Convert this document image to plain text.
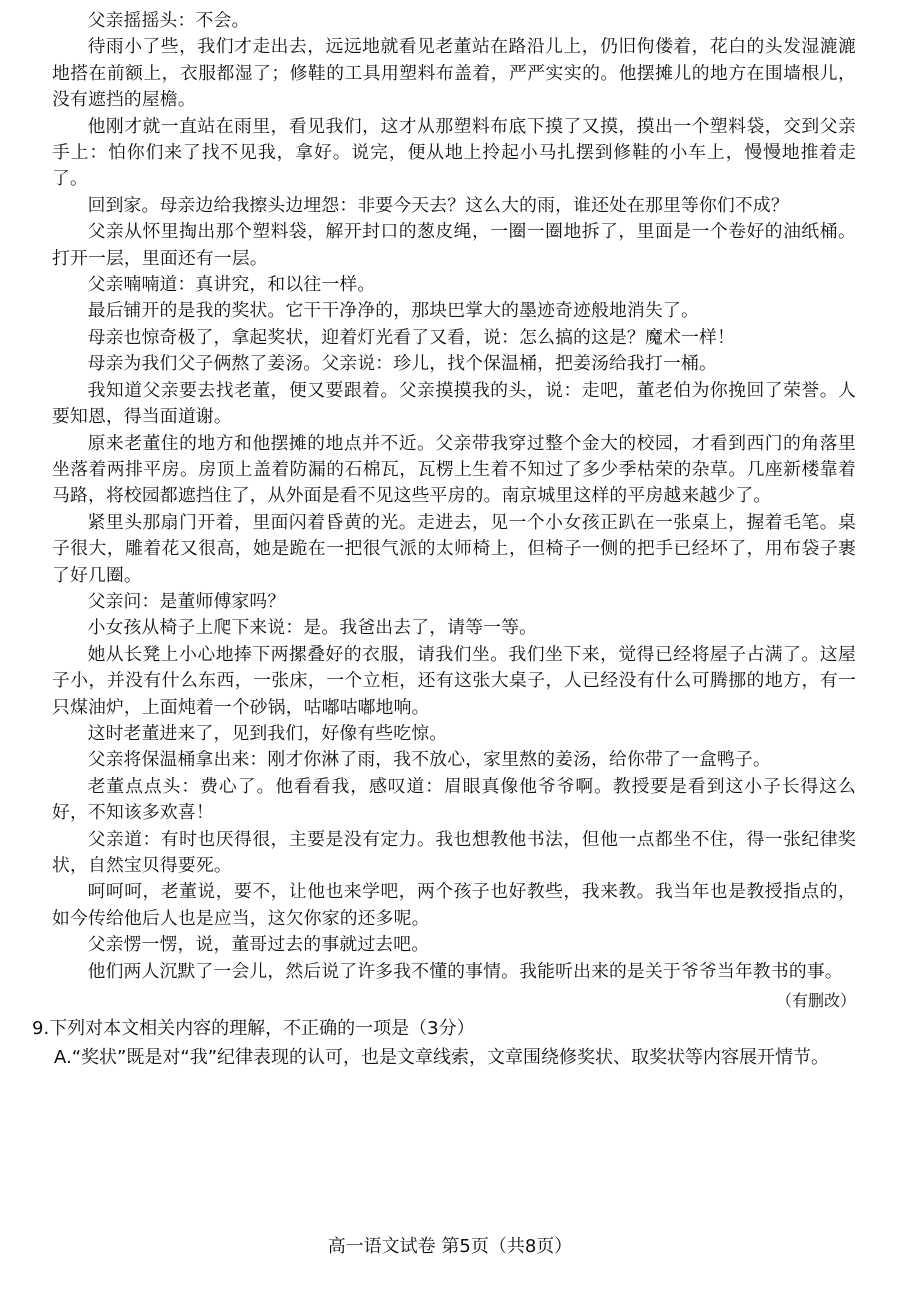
父亲摇摇头：不会。

待雨小了些，我们才走出去，远远地就看见老董站在路沿儿上，仍旧佝偻着，花白的头发湿漉漉地搭在前额上，衣服都湿了；修鞋的工具用塑料布盖着，严严实实的。他摆摊儿的地方在围墙根儿，没有遮挡的屋檐。

他刚才就一直站在雨里，看见我们，这才从那塑料布底下摸了又摸，摸出一个塑料袋，交到父亲手上：怕你们来了找不见我，拿好。说完，便从地上拎起小马扎摆到修鞋的小车上，慢慢地推着走了。

回到家。母亲边给我擦头边埋怨：非要今天去？这么大的雨，谁还处在那里等你们不成？

父亲从怀里掏出那个塑料袋，解开封口的葱皮绳，一圈一圈地拆了，里面是一个卷好的油纸桶。打开一层，里面还有一层。

父亲喃喃道：真讲究，和以往一样。

最后铺开的是我的奖状。它干干净净的，那块巴掌大的墨迹奇迹般地消失了。

母亲也惊奇极了，拿起奖状，迎着灯光看了又看，说：怎么搞的这是？魔术一样！

母亲为我们父子俩熬了姜汤。父亲说：珍儿，找个保温桶，把姜汤给我打一桶。

我知道父亲要去找老董，便又要跟着。父亲摸摸我的头，说：走吧，董老伯为你挽回了荣誉。人要知恩，得当面道谢。

原来老董住的地方和他摆摊的地点并不近。父亲带我穿过整个金大的校园，才看到西门的角落里坐落着两排平房。房顶上盖着防漏的石棉瓦，瓦楞上生着不知过了多少季枯荣的杂草。几座新楼靠着马路，将校园都遮挡住了，从外面是看不见这些平房的。南京城里这样的平房越来越少了。

紧里头那扇门开着，里面闪着昏黄的光。走进去，见一个小女孩正趴在一张桌上，握着毛笔。桌子很大，雕着花又很高，她是跪在一把很气派的太师椅上，但椅子一侧的把手已经坏了，用布袋子裹了好几圈。

父亲问：是董师傅家吗？

小女孩从椅子上爬下来说：是。我爸出去了，请等一等。

她从长凳上小心地捧下两摞叠好的衣服，请我们坐。我们坐下来，觉得已经将屋子占满了。这屋子小，并没有什么东西，一张床，一个立柜，还有这张大桌子，人已经没有什么可腾挪的地方，有一只煤油炉，上面炖着一个砂锅，咕嘟咕嘟地响。

这时老董进来了，见到我们，好像有些吃惊。

父亲将保温桶拿出来：刚才你淋了雨，我不放心，家里熬的姜汤，给你带了一盒鸭子。

老董点点头：费心了。他看看我，感叹道：眉眼真像他爷爷啊。教授要是看到这小子长得这么好，不知该多欢喜！

父亲道：有时也厌得很，主要是没有定力。我也想教他书法，但他一点都坐不住，得一张纪律奖状，自然宝贝得要死。

呵呵呵，老董说，要不，让他也来学吧，两个孩子也好教些，我来教。我当年也是教授指点的，如今传给他后人也是应当，这欠你家的还多呢。

父亲愣一愣，说，董哥过去的事就过去吧。

他们两人沉默了一会儿，然后说了许多我不懂的事情。我能听出来的是关于爷爷当年教书的事。

（有删改）

9.下列对本文相关内容的理解，不正确的一项是（3分）

A.“奖状”既是对“我”纪律表现的认可，也是文章线索，文章围绕修奖状、取奖状等内容展开情节。

高一语文试卷 第5页（共8页）
